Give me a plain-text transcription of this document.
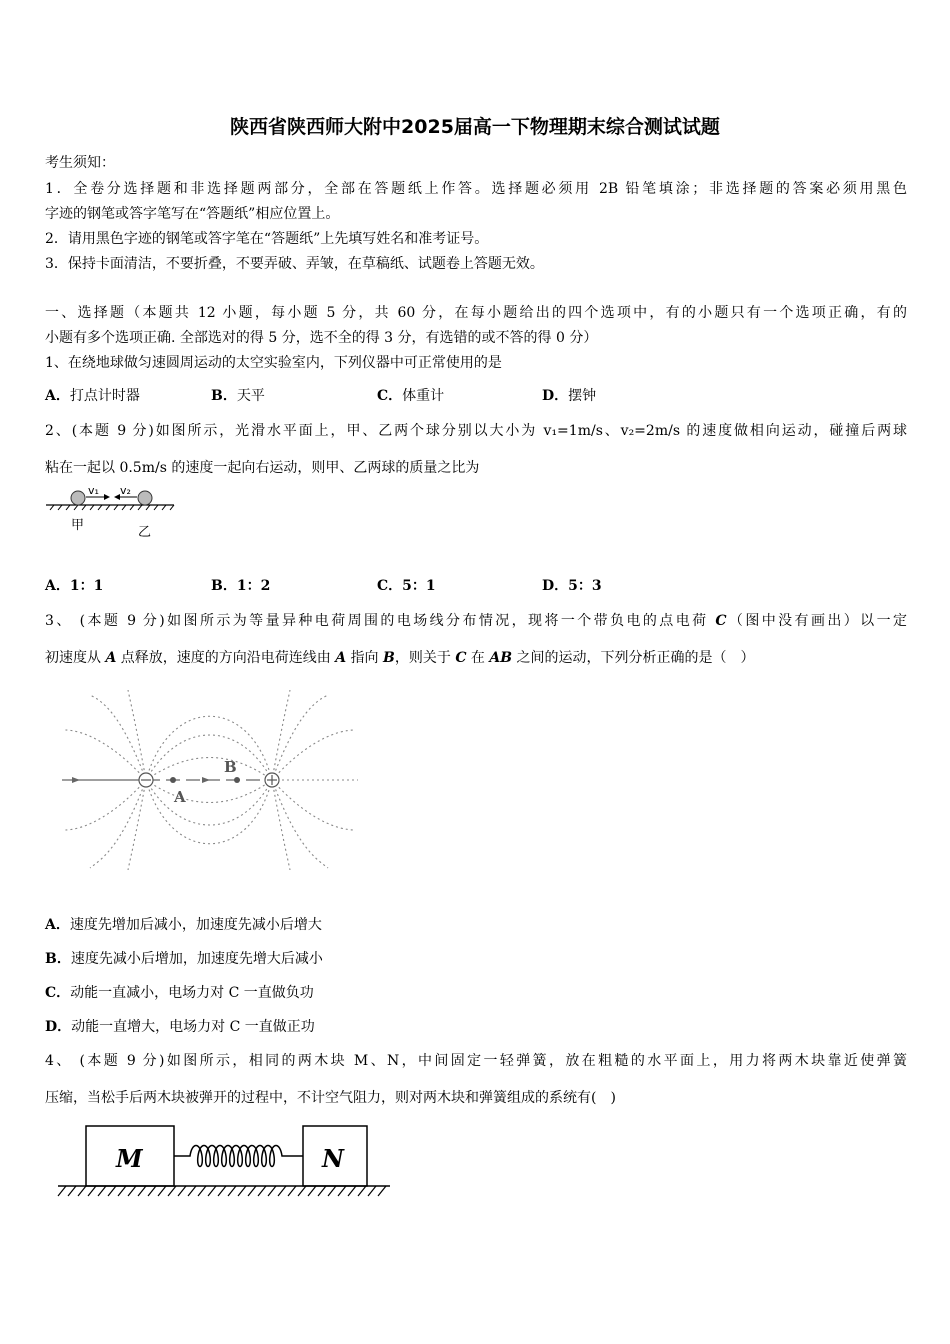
陕西省陕西师大附中2025届高一下物理期末综合测试试题
考生须知：
1．全卷分选择题和非选择题两部分，全部在答题纸上作答。选择题必须用 2B 铅笔填涂；非选择题的答案必须用黑色
字迹的钢笔或答字笔写在“答题纸”相应位置上。
2．请用黑色字迹的钢笔或答字笔在“答题纸”上先填写姓名和准考证号。
3．保持卡面清洁，不要折叠，不要弄破、弄皱，在草稿纸、试题卷上答题无效。
一、选择题（本题共 12 小题，每小题 5 分，共 60 分，在每小题给出的四个选项中，有的小题只有一个选项正确，有的
小题有多个选项正确. 全部选对的得 5 分，选不全的得 3 分，有选错的或不答的得 0 分）
1、在绕地球做匀速圆周运动的太空实验室内，下列仪器中可正常使用的是
A．打点计时器	B．天平	C．体重计	D．摆钟
2、(本题 9 分)如图所示，光滑水平面上，甲、乙两个球分别以大小为 v₁=1m/s、v₂=2m/s 的速度做相向运动，碰撞后两球
粘在一起以 0.5m/s 的速度一起向右运动，则甲、乙两球的质量之比为
v₁ v₂
甲	乙
A．1：1	B．1：2	C．5：1	D．5：3
3、 (本题 9 分)如图所示为等量异种电荷周围的电场线分布情况，现将一个带负电的点电荷 C（图中没有画出）以一定
初速度从 A 点释放，速度的方向沿电荷连线由 A 指向 B，则关于 C 在 AB 之间的运动，下列分析正确的是（　）
A
B
A．速度先增加后减小，加速度先减小后增大
B．速度先减小后增加，加速度先增大后减小
C．动能一直减小，电场力对 C 一直做负功
D．动能一直增大，电场力对 C 一直做正功
4、 (本题 9 分)如图所示，相同的两木块 M、N，中间固定一轻弹簧，放在粗糙的水平面上，用力将两木块靠近使弹簧
压缩，当松手后两木块被弹开的过程中，不计空气阻力，则对两木块和弹簧组成的系统有(　)
M	N
